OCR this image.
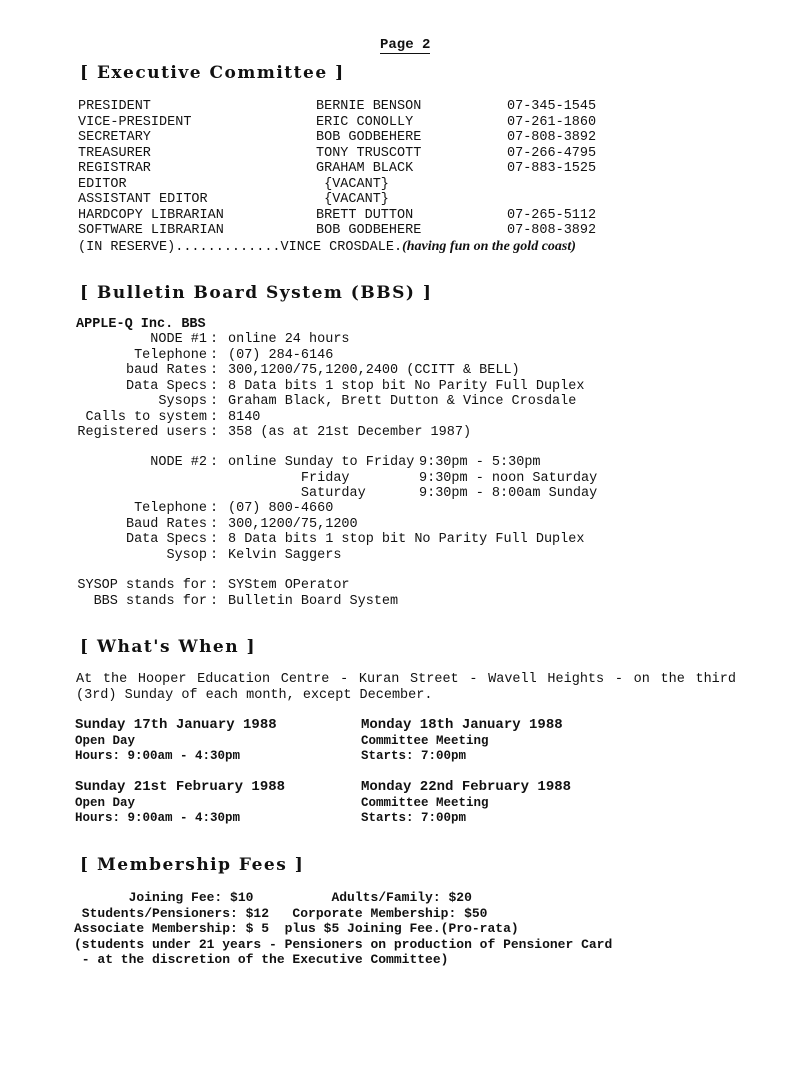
Page 2
[ Executive Committee ]
PRESIDENT	BERNIE BENSON	07-345-1545
VICE-PRESIDENT	ERIC CONOLLY	07-261-1860
SECRETARY	BOB GODBEHERE	07-808-3892
TREASURER	TONY TRUSCOTT	07-266-4795
REGISTRAR	GRAHAM BLACK	07-883-1525
EDITOR	{VACANT}
ASSISTANT EDITOR	{VACANT}
HARDCOPY LIBRARIAN	BRETT DUTTON	07-265-5112
SOFTWARE LIBRARIAN	BOB GODBEHERE	07-808-3892
(IN RESERVE).............VINCE CROSDALE.(having fun on the gold coast)
[ Bulletin Board System (BBS) ]
APPLE-Q Inc. BBS
NODE #1 : online 24 hours
Telephone : (07) 284-6146
baud Rates : 300,1200/75,1200,2400 (CCITT & BELL)
Data Specs : 8 Data bits 1 stop bit No Parity Full Duplex
Sysops : Graham Black, Brett Dutton & Vince Crosdale
Calls to system : 8140
Registered users : 358 (as at 21st December 1987)
NODE #2 : online Sunday to Friday 9:30pm - 5:30pm
Friday	9:30pm - noon Saturday
Saturday	9:30pm - 8:00am Sunday
Telephone : (07) 800-4660
Baud Rates : 300,1200/75,1200
Data Specs : 8 Data bits 1 stop bit No Parity Full Duplex
Sysop : Kelvin Saggers
SYSOP stands for : SYStem OPerator
BBS stands for : Bulletin Board System
[ What's When ]
At the Hooper Education Centre - Kuran Street - Wavell Heights - on the third (3rd) Sunday of each month, except December.
Sunday 17th January 1988
Open Day
Hours: 9:00am - 4:30pm
Monday 18th January 1988
Committee Meeting
Starts: 7:00pm
Sunday 21st February 1988
Open Day
Hours: 9:00am - 4:30pm
Monday 22nd February 1988
Committee Meeting
Starts: 7:00pm
[ Membership Fees ]
Joining Fee: $10          Adults/Family: $20
Students/Pensioners: $12   Corporate Membership: $50
Associate Membership: $ 5  plus $5 Joining Fee.(Pro-rata)
(students under 21 years - Pensioners on production of Pensioner Card
- at the discretion of the Executive Committee)
